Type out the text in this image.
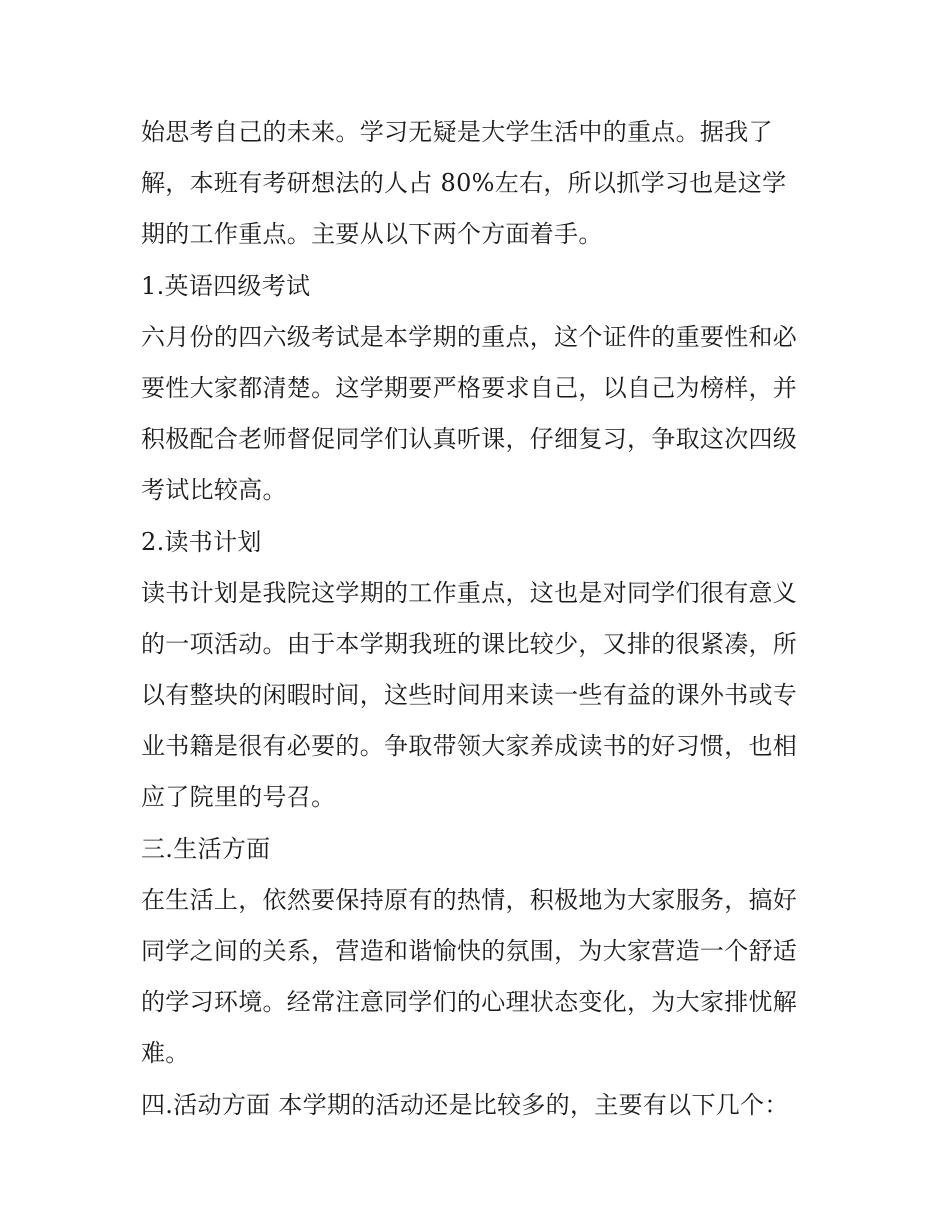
始思考自己的未来。学习无疑是大学生活中的重点。据我了
解，本班有考研想法的人占 80%左右，所以抓学习也是这学
期的工作重点。主要从以下两个方面着手。
1.英语四级考试
六月份的四六级考试是本学期的重点，这个证件的重要性和必
要性大家都清楚。这学期要严格要求自己，以自己为榜样，并
积极配合老师督促同学们认真听课，仔细复习，争取这次四级
考试比较高。
2.读书计划
读书计划是我院这学期的工作重点，这也是对同学们很有意义
的一项活动。由于本学期我班的课比较少，又排的很紧凑，所
以有整块的闲暇时间，这些时间用来读一些有益的课外书或专
业书籍是很有必要的。争取带领大家养成读书的好习惯，也相
应了院里的号召。
三.生活方面
在生活上，依然要保持原有的热情，积极地为大家服务，搞好
同学之间的关系，营造和谐愉快的氛围，为大家营造一个舒适
的学习环境。经常注意同学们的心理状态变化，为大家排忧解
难。
四.活动方面 本学期的活动还是比较多的，主要有以下几个：
